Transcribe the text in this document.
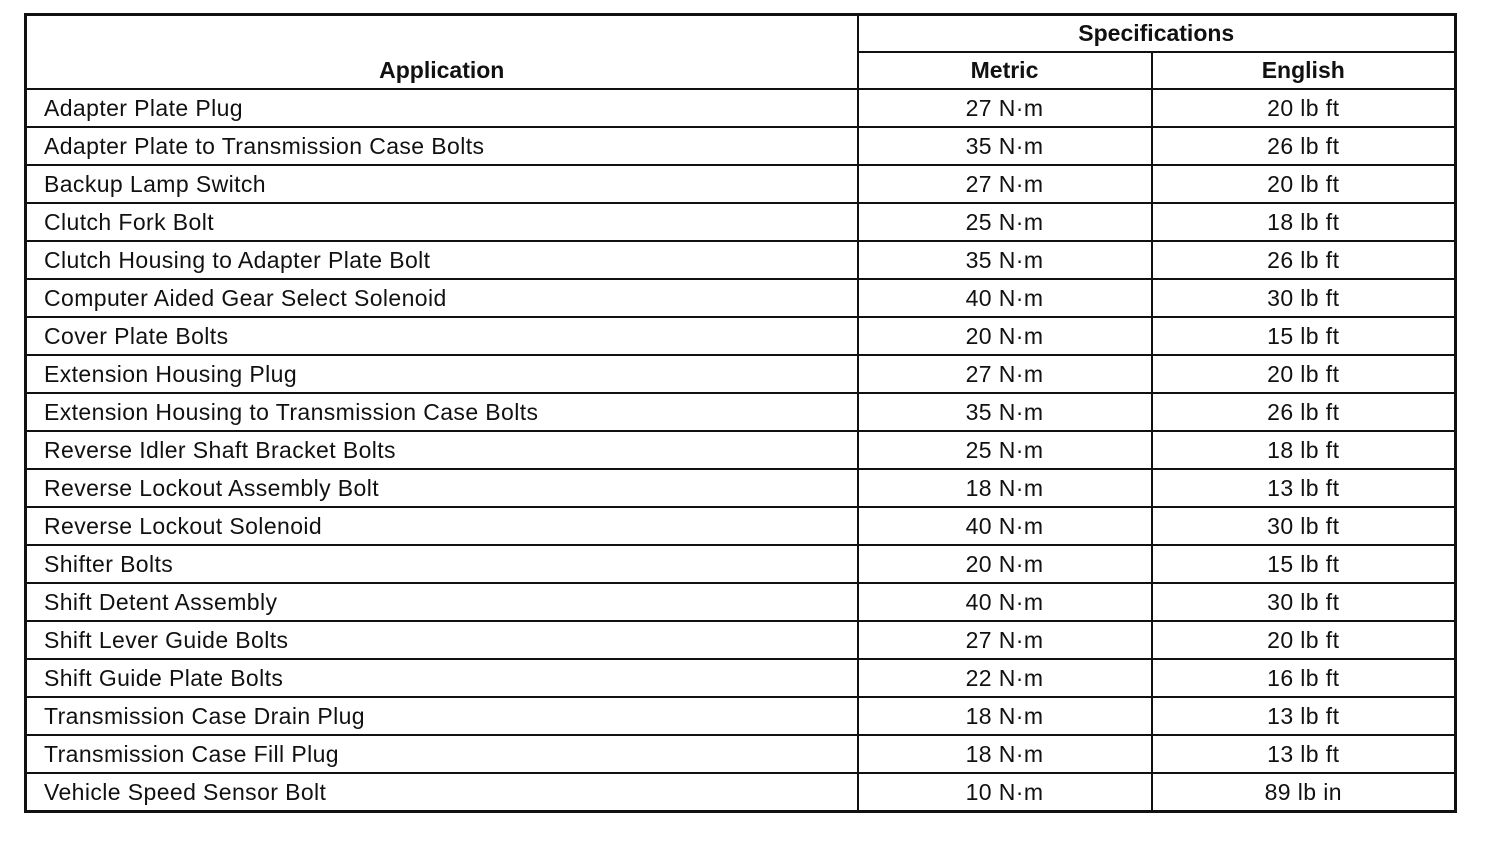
Application	Specifications	
	Metric	English
Adapter Plate Plug	27 N·m	20 lb ft
Adapter Plate to Transmission Case Bolts	35 N·m	26 lb ft
Backup Lamp Switch	27 N·m	20 lb ft
Clutch Fork Bolt	25 N·m	18 lb ft
Clutch Housing to Adapter Plate Bolt	35 N·m	26 lb ft
Computer Aided Gear Select Solenoid	40 N·m	30 lb ft
Cover Plate Bolts	20 N·m	15 lb ft
Extension Housing Plug	27 N·m	20 lb ft
Extension Housing to Transmission Case Bolts	35 N·m	26 lb ft
Reverse Idler Shaft Bracket Bolts	25 N·m	18 lb ft
Reverse Lockout Assembly Bolt	18 N·m	13 lb ft
Reverse Lockout Solenoid	40 N·m	30 lb ft
Shifter Bolts	20 N·m	15 lb ft
Shift Detent Assembly	40 N·m	30 lb ft
Shift Lever Guide Bolts	27 N·m	20 lb ft
Shift Guide Plate Bolts	22 N·m	16 lb ft
Transmission Case Drain Plug	18 N·m	13 lb ft
Transmission Case Fill Plug	18 N·m	13 lb ft
Vehicle Speed Sensor Bolt	10 N·m	89 lb in
